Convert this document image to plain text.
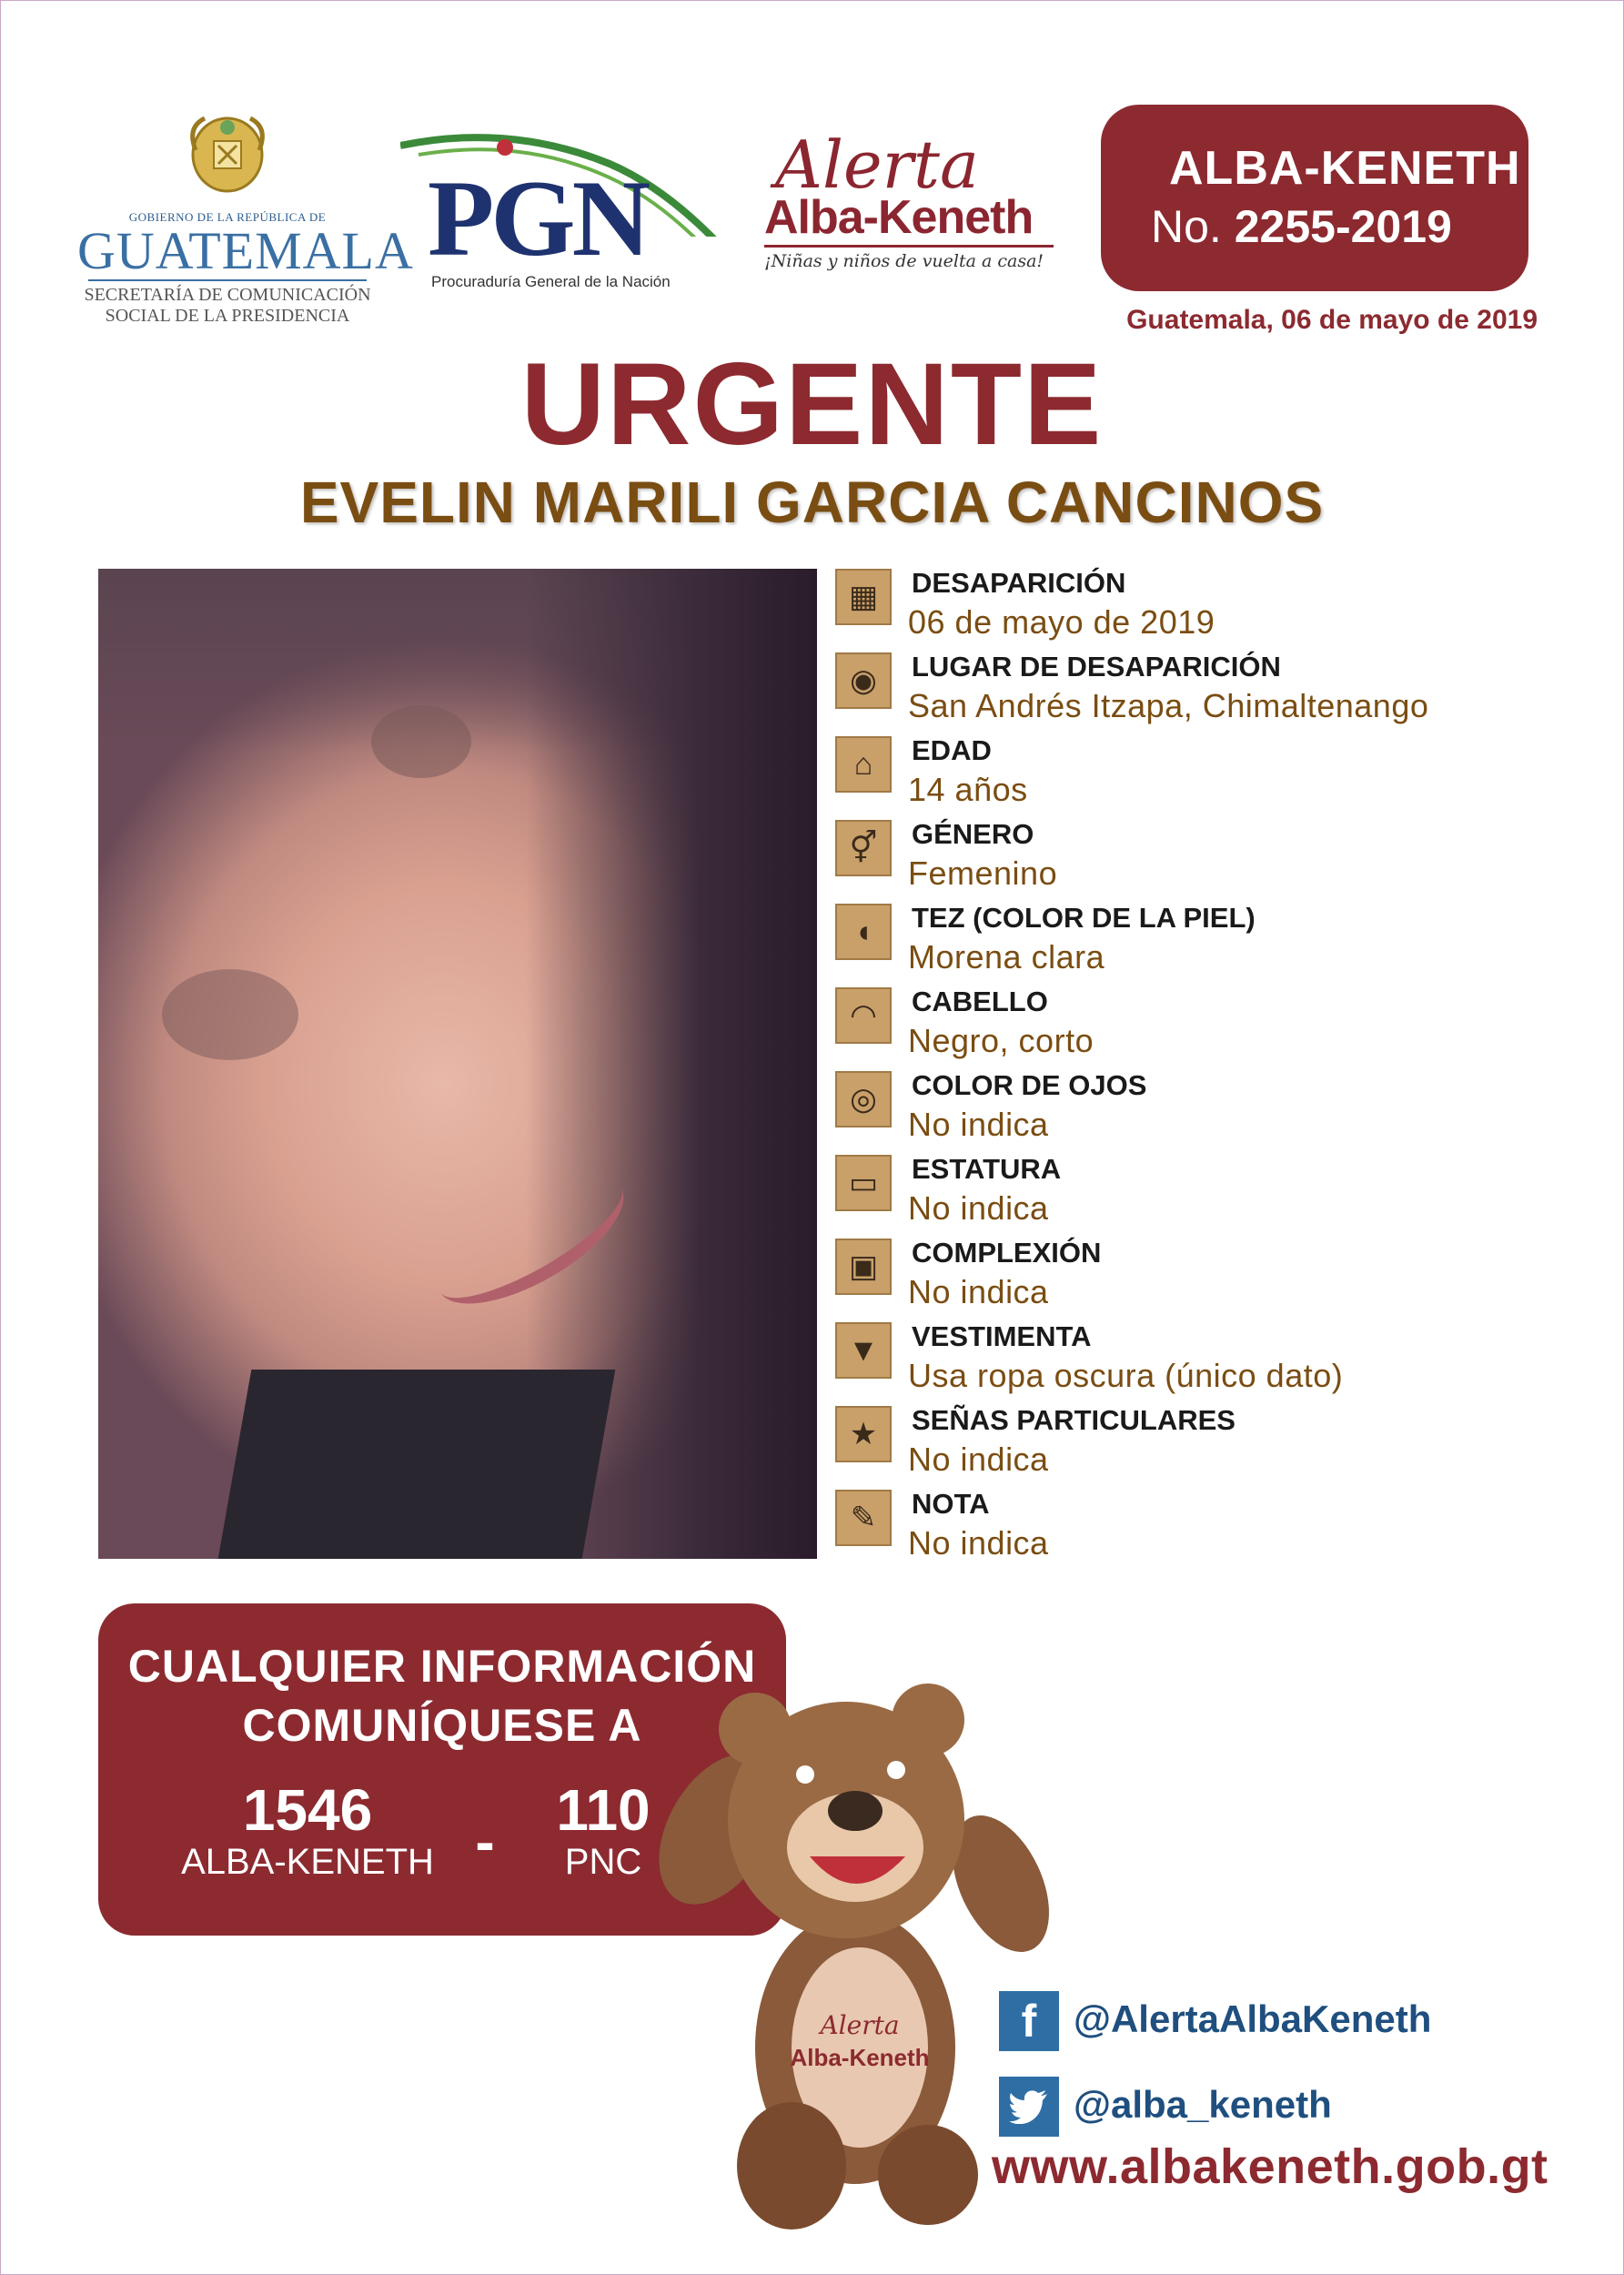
GOBIERNO DE LA REPÚBLICA DE
GUATEMALA
SECRETARÍA DE COMUNICACIÓN
SOCIAL DE LA PRESIDENCIA
PGN
Procuraduría General de la Nación
Alerta
Alba-Keneth
¡Niñas y niños de vuelta a casa!
ALBA-KENETH
No. 2255-2019
Guatemala, 06 de mayo de 2019
URGENTE
EVELIN MARILI GARCIA CANCINOS
▦	DESAPARICIÓN
06 de mayo de 2019
◉	LUGAR DE DESAPARICIÓN
San Andrés Itzapa, Chimaltenango
⌂	EDAD
14 años
⚥	GÉNERO
Femenino
◖	TEZ (COLOR DE LA PIEL)
Morena clara
◠	CABELLO
Negro, corto
◎	COLOR DE OJOS
No indica
▭	ESTATURA
No indica
▣	COMPLEXIÓN
No indica
▼	VESTIMENTA
Usa ropa oscura (único dato)
★	SEÑAS PARTICULARES
No indica
✎	NOTA
No indica
CUALQUIER INFORMACIÓN
COMUNÍQUESE A
1546
ALBA-KENETH -	110
PNC
Alerta
Alba-Keneth
f @AlertaAlbaKeneth
@alba_keneth
www.albakeneth.gob.gt
